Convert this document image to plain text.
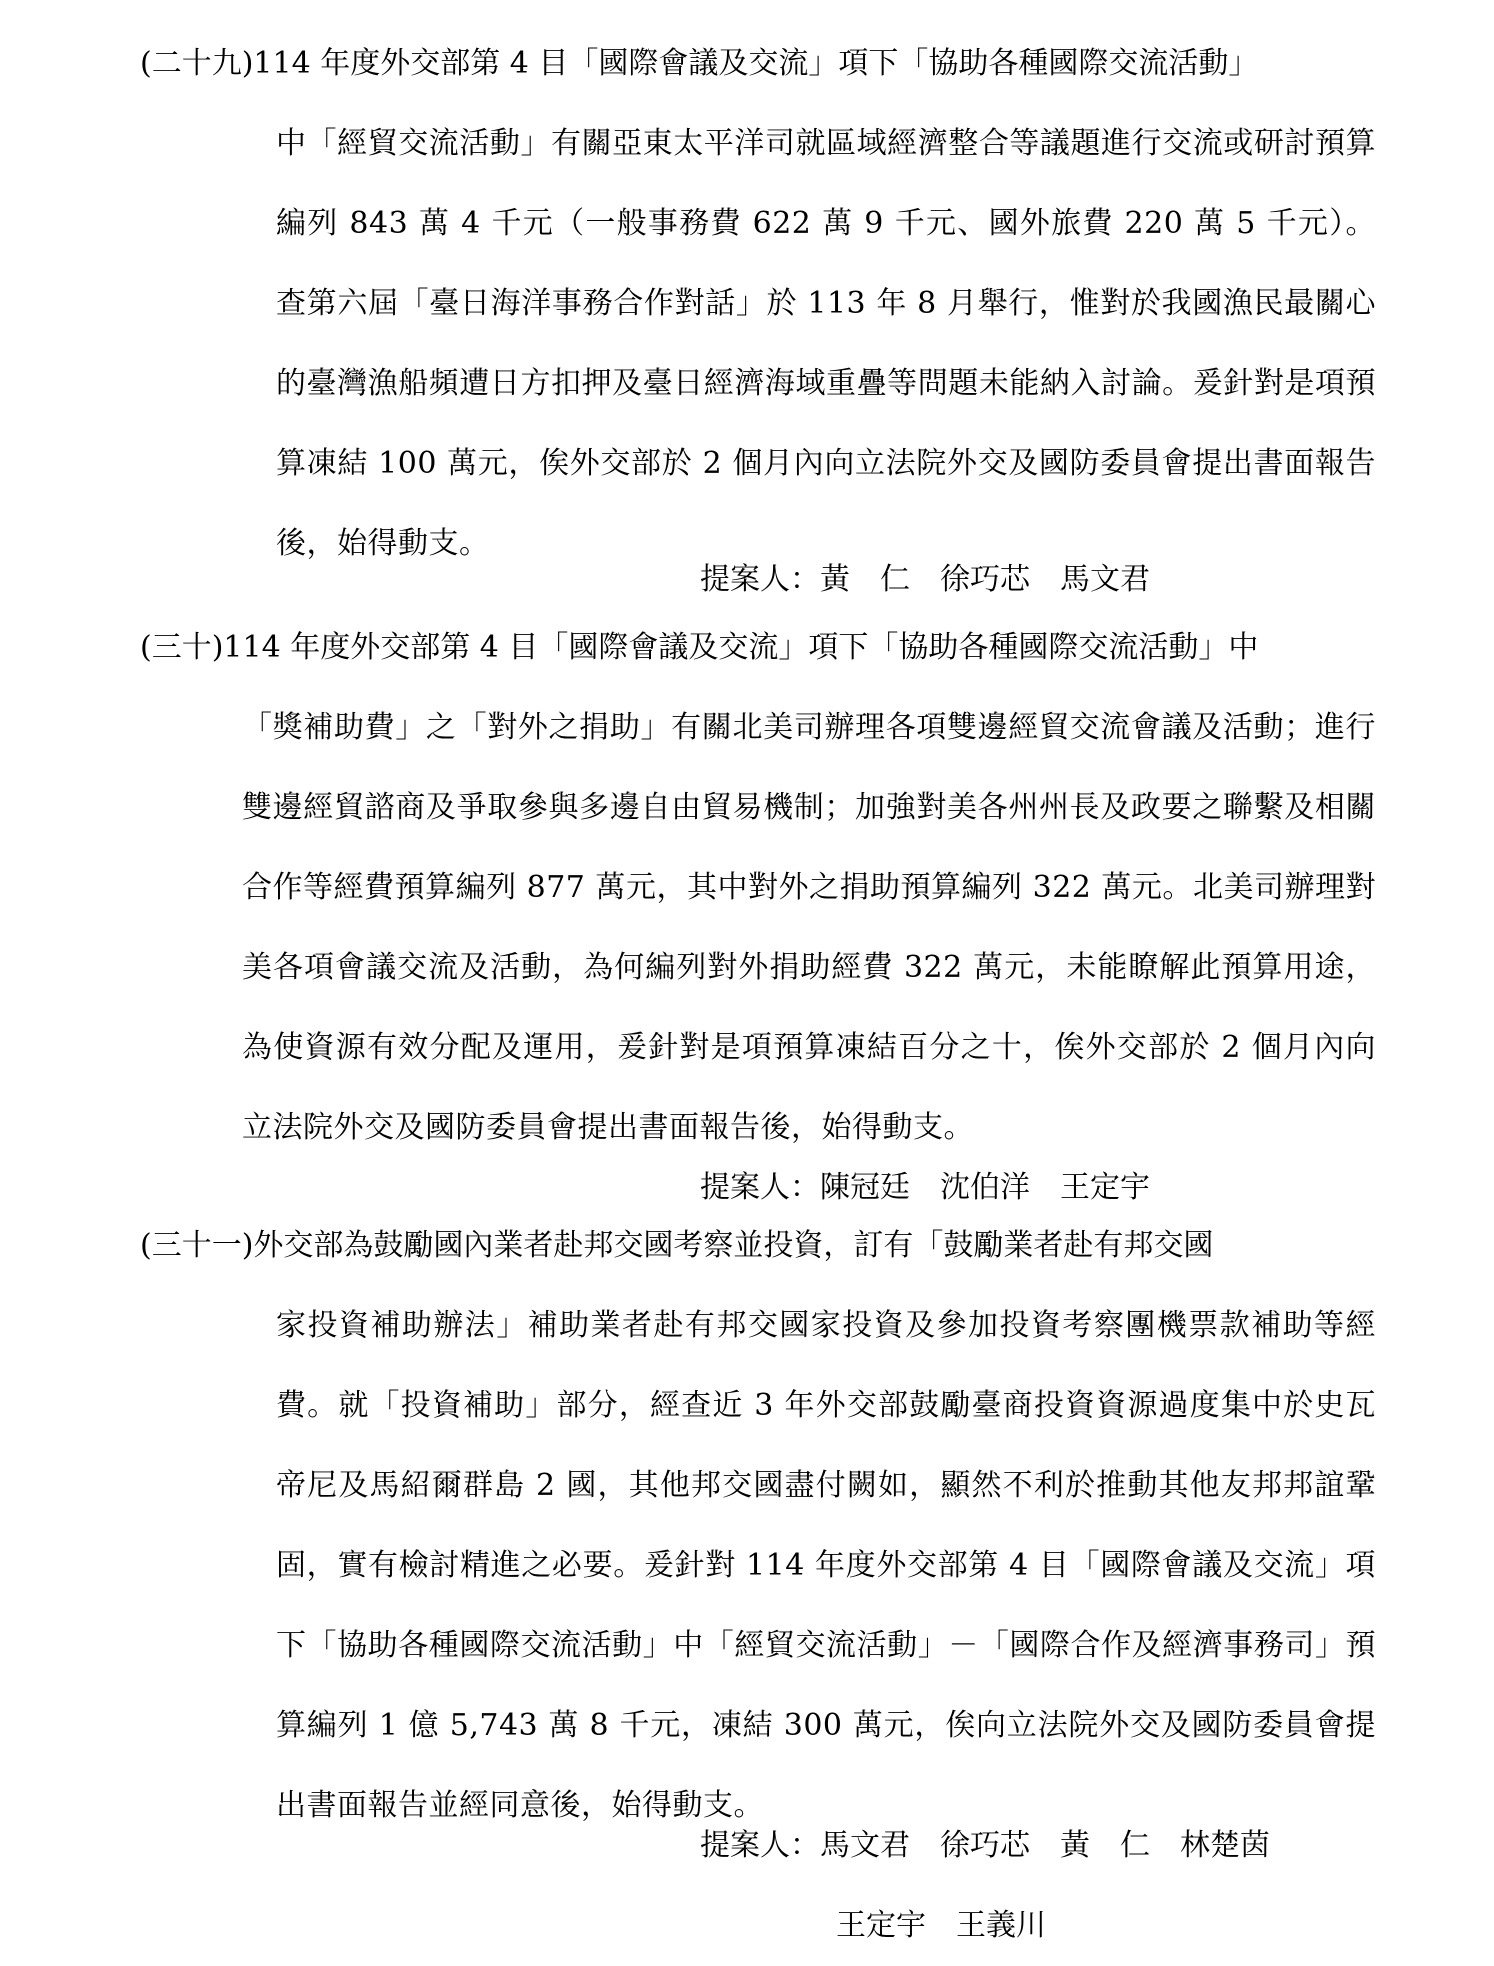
(二十九)114 年度外交部第 4 目「國際會議及交流」項下「協助各種國際交流活動」
中「經貿交流活動」有關亞東太平洋司就區域經濟整合等議題進行交流或研討預算編列 843 萬 4 千元（一般事務費 622 萬 9 千元、國外旅費 220 萬 5 千元）。查第六屆「臺日海洋事務合作對話」於 113 年 8 月舉行，惟對於我國漁民最關心的臺灣漁船頻遭日方扣押及臺日經濟海域重疊等問題未能納入討論。爰針對是項預算凍結 100 萬元，俟外交部於 2 個月內向立法院外交及國防委員會提出書面報告後，始得動支。
提案人：黃　仁　徐巧芯　馬文君
(三十)114 年度外交部第 4 目「國際會議及交流」項下「協助各種國際交流活動」中
「獎補助費」之「對外之捐助」有關北美司辦理各項雙邊經貿交流會議及活動；進行雙邊經貿諮商及爭取參與多邊自由貿易機制；加強對美各州州長及政要之聯繫及相關合作等經費預算編列 877 萬元，其中對外之捐助預算編列 322 萬元。北美司辦理對美各項會議交流及活動，為何編列對外捐助經費 322 萬元，未能瞭解此預算用途，為使資源有效分配及運用，爰針對是項預算凍結百分之十，俟外交部於 2 個月內向立法院外交及國防委員會提出書面報告後，始得動支。
提案人：陳冠廷　沈伯洋　王定宇
(三十一)外交部為鼓勵國內業者赴邦交國考察並投資，訂有「鼓勵業者赴有邦交國
家投資補助辦法」補助業者赴有邦交國家投資及參加投資考察團機票款補助等經費。就「投資補助」部分，經查近 3 年外交部鼓勵臺商投資資源過度集中於史瓦帝尼及馬紹爾群島 2 國，其他邦交國盡付闕如，顯然不利於推動其他友邦邦誼鞏固，實有檢討精進之必要。爰針對 114 年度外交部第 4 目「國際會議及交流」項下「協助各種國際交流活動」中「經貿交流活動」－「國際合作及經濟事務司」預算編列 1 億 5,743 萬 8 千元，凍結 300 萬元，俟向立法院外交及國防委員會提出書面報告並經同意後，始得動支。
提案人：馬文君　徐巧芯　黃　仁　林楚茵
王定宇　王義川
